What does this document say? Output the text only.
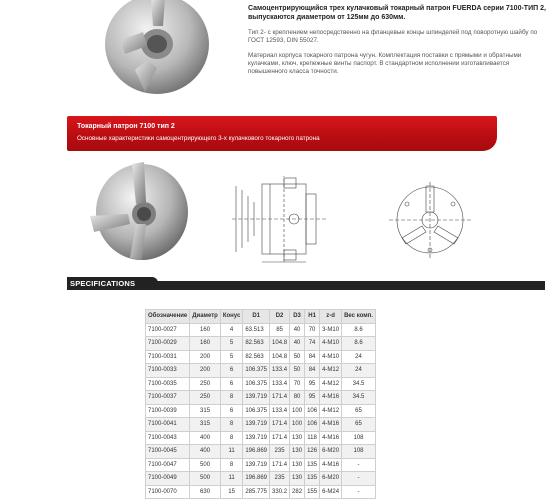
Самоцентрирующийся трех кулачковый токарный патрон FUERDA серии 7100-ТИП 2, выпускаются диаметром от 125мм до 630мм.
Тип 2- с креплением непосредственно на фланцевые концы шпинделей под поворотную шайбу по ГОСТ 12593, DIN 55027.
Материал корпуса токарного патрона чугун. Комплектация поставки с прямыми и обратными кулачками, ключ, крепежные винты паспорт. В стандартном исполнении изготавливается повышенного класса точности.
Токарный патрон 7100 тип 2
Основные характеристики самоцентрирующего 3-х кулачкового токарного патрона
SPECIFICATIONS
Обозначение	Диаметр	Конус	D1	D2	D3	H1	z-d	Вес комп.
7100-0027	160	4	63.513	85	40	70	3-M10	8.6
7100-0029	160	5	82.563	104.8	40	74	4-M10	8.6
7100-0031	200	5	82.563	104.8	50	84	4-M10	24
7100-0033	200	6	106.375	133.4	50	84	4-M12	24
7100-0035	250	6	106.375	133.4	70	95	4-M12	34.5
7100-0037	250	8	139.719	171.4	80	95	4-M16	34.5
7100-0039	315	6	106.375	133.4	100	106	4-M12	65
7100-0041	315	8	139.719	171.4	100	106	4-M16	65
7100-0043	400	8	139.719	171.4	130	118	4-M16	108
7100-0045	400	11	196.869	235	130	126	6-M20	108
7100-0047	500	8	139.719	171.4	130	135	4-M16	-
7100-0049	500	11	196.869	235	130	135	6-M20	-
7100-0070	630	15	285.775	330.2	282	155	6-M24	-
